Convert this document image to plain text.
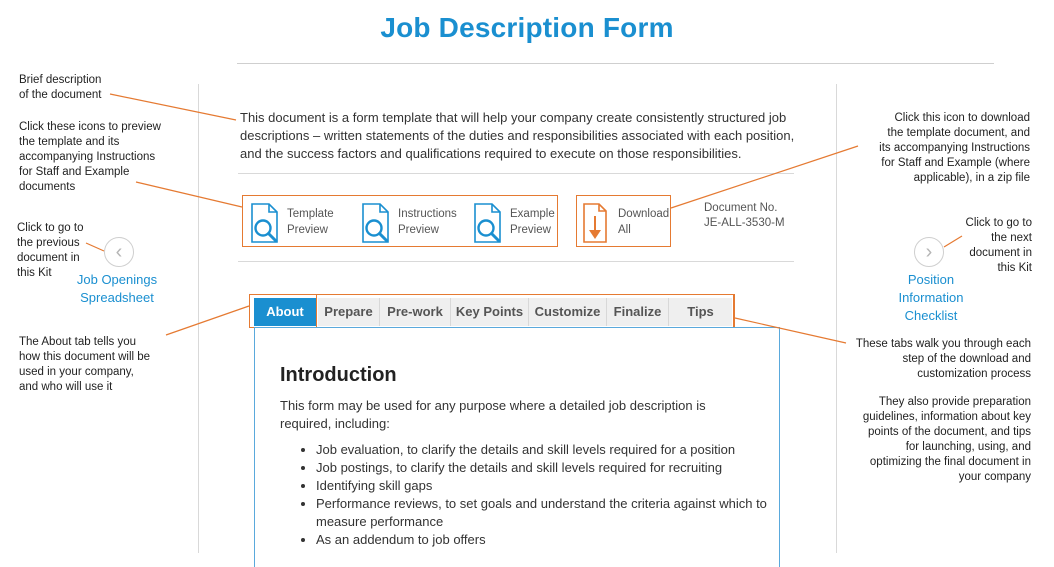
Job Description Form
This document is a form template that will help your company create consistently structured job descriptions – written statements of the duties and responsibilities associated with each position, and the success factors and qualifications required to execute on those responsibilities.
Template
Preview
Instructions
Preview
Example
Preview
Download
All
Document No.
JE-ALL-3530-M
‹
Job Openings
Spreadsheet
›
Position
Information
Checklist
About	Prepare	Pre-work	Key Points Customize	Finalize	Tips
Introduction
This form may be used for any purpose where a detailed job description is required, including:
• Job evaluation, to clarify the details and skill levels required for a position
• Job postings, to clarify the details and skill levels required for recruiting
• Identifying skill gaps
• Performance reviews, to set goals and understand the criteria against which to measure performance
• As an addendum to job offers
Brief description
of the document
Click these icons to preview
the template and its
accompanying Instructions
for Staff and Example
documents
Click to go to
the previous
document in
this Kit
The About tab tells you
how this document will be
used in your company,
and who will use it
Click this icon to download
the template document, and
its accompanying Instructions
for Staff and Example (where
applicable), in a zip file
Click to go to
the next
document in
this Kit
These tabs walk you through each
step of the download and
customization process
They also provide preparation
guidelines, information about key
points of the document, and tips
for launching, using, and
optimizing the final document in
your company
